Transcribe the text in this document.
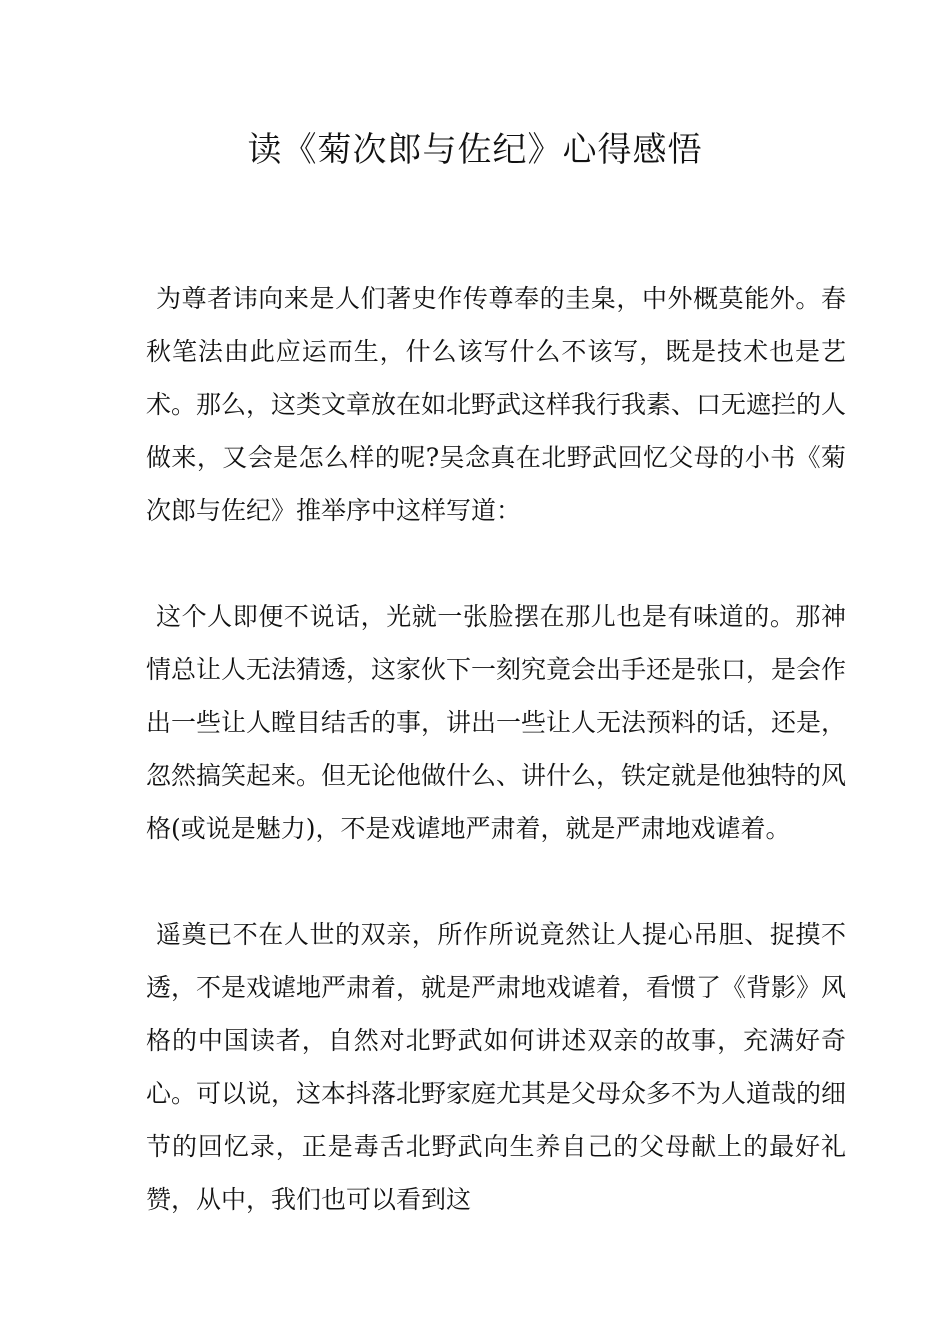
读《菊次郎与佐纪》心得感悟

为尊者讳向来是人们著史作传尊奉的圭臬，中外概莫能外。春秋笔法由此应运而生，什么该写什么不该写，既是技术也是艺术。那么，这类文章放在如北野武这样我行我素、口无遮拦的人做来，又会是怎么样的呢?吴念真在北野武回忆父母的小书《菊次郎与佐纪》推举序中这样写道：

这个人即便不说话，光就一张脸摆在那儿也是有味道的。那神情总让人无法猜透，这家伙下一刻究竟会出手还是张口，是会作出一些让人瞠目结舌的事，讲出一些让人无法预料的话，还是，忽然搞笑起来。但无论他做什么、讲什么，铁定就是他独特的风格(或说是魅力)，不是戏谑地严肃着，就是严肃地戏谑着。

遥奠已不在人世的双亲，所作所说竟然让人提心吊胆、捉摸不透，不是戏谑地严肃着，就是严肃地戏谑着，看惯了《背影》风格的中国读者，自然对北野武如何讲述双亲的故事，充满好奇心。可以说，这本抖落北野家庭尤其是父母众多不为人道哉的细节的回忆录，正是毒舌北野武向生养自己的父母献上的最好礼赞，从中，我们也可以看到这
